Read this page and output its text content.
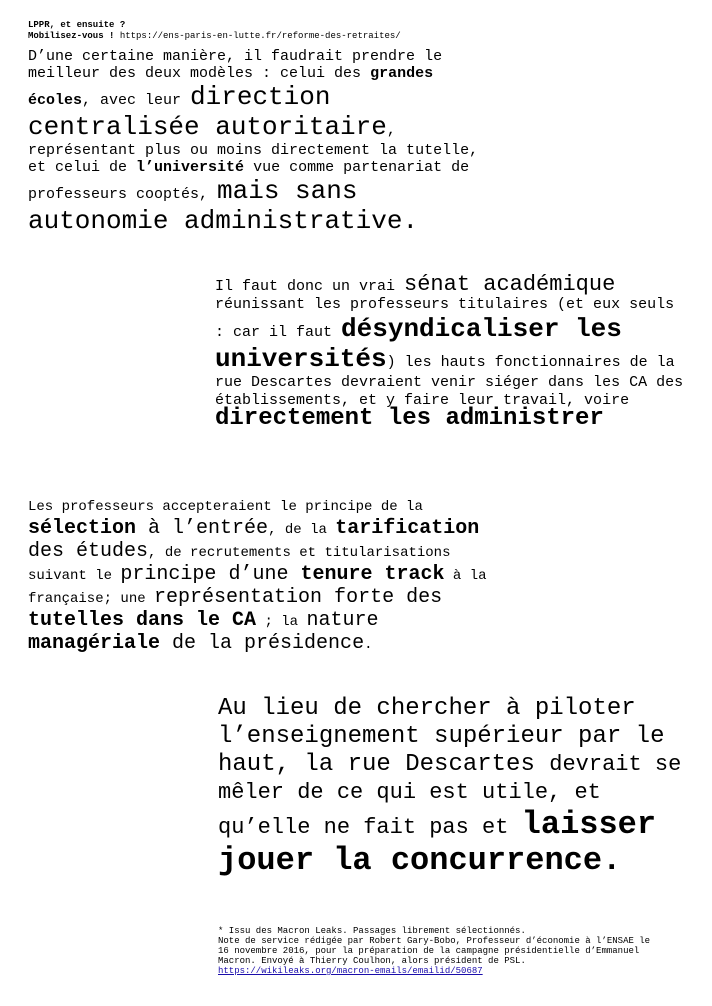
LPPR, et ensuite ?
Mobilisez-vous ! https://ens-paris-en-lutte.fr/reforme-des-retraites/
D’une certaine manière, il faudrait prendre le meilleur des deux modèles : celui des grandes écoles, avec leur direction centralisée autoritaire, représentant plus ou moins directement la tutelle, et celui de l’université vue comme partenariat de professeurs cooptés, mais sans autonomie administrative.
Il faut donc un vrai sénat académique réunissant les professeurs titulaires (et eux seuls : car il faut désyndicaliser les universités) les hauts fonctionnaires de la rue Descartes devraient venir siéger dans les CA des établissements, et y faire leur travail, voire directement les administrer
Les professeurs accepteraient le principe de la sélection à l’entrée, de la tarification des études, de recrutements et titularisations suivant le principe d’une tenure track à la française; une représentation forte des tutelles dans le CA ; la nature managériale de la présidence.
Au lieu de chercher à piloter l’enseignement supérieur par le haut, la rue Descartes devrait se mêler de ce qui est utile, et qu’elle ne fait pas et laisser jouer la concurrence.
* Issu des Macron Leaks. Passages librement sélectionnés.
Note de service rédigée par Robert Gary-Bobo, Professeur d’économie à l’ENSAE le 16 novembre 2016, pour la préparation de la campagne présidentielle d’Emmanuel Macron. Envoyé à Thierry Coulhon, alors président de PSL.
https://wikileaks.org/macron-emails/emailid/50687
